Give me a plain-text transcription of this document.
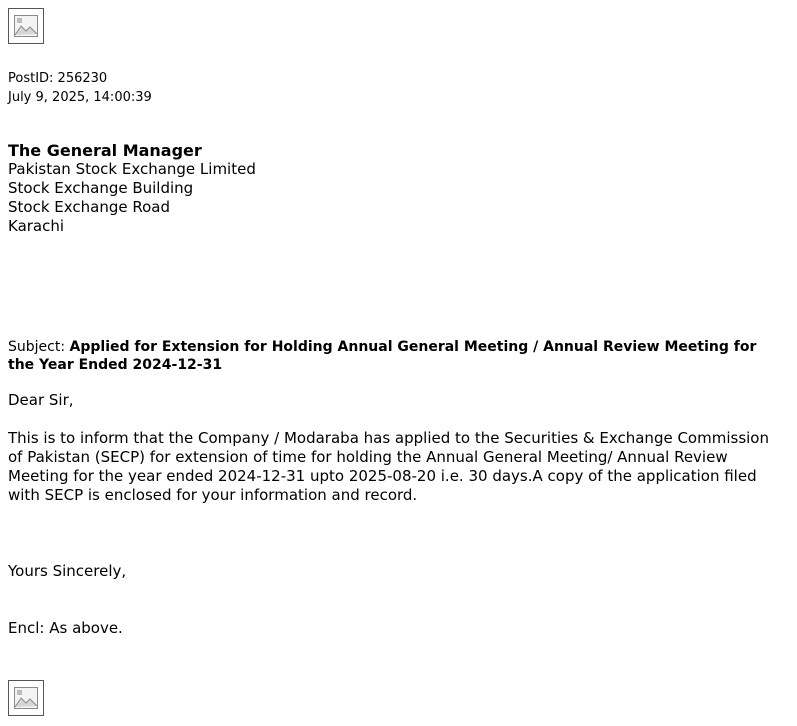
PostID: 256230
July 9, 2025, 14:00:39
The General Manager
Pakistan Stock Exchange Limited
Stock Exchange Building
Stock Exchange Road
Karachi
Subject: Applied for Extension for Holding Annual General Meeting / Annual Review Meeting for the Year Ended 2024-12-31
Dear Sir,
This is to inform that the Company / Modaraba has applied to the Securities & Exchange Commission of Pakistan (SECP) for extension of time for holding the Annual General Meeting/ Annual Review Meeting for the year ended 2024-12-31 upto 2025-08-20 i.e. 30 days.A copy of the application filed with SECP is enclosed for your information and record.
Yours Sincerely,
Encl: As above.
